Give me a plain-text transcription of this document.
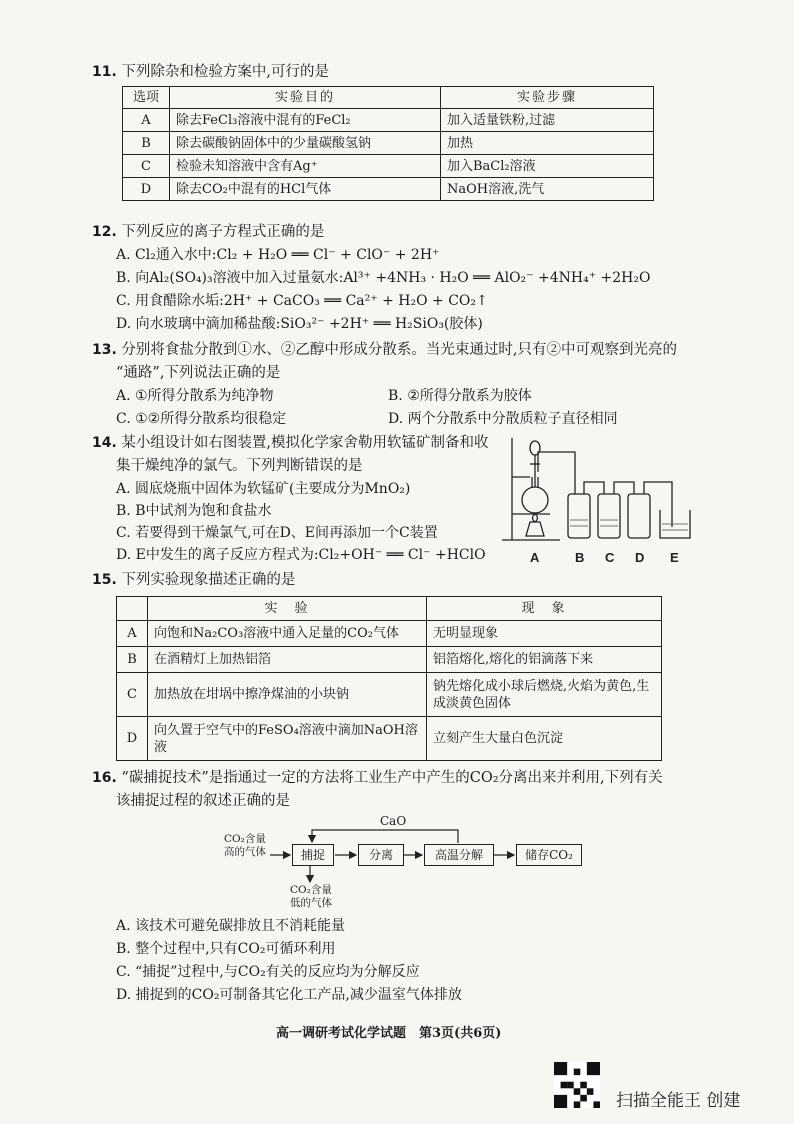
11. 下列除杂和检验方案中,可行的是
选项	实验目的	实验步骤
A	除去FeCl₃溶液中混有的FeCl₂	加入适量铁粉,过滤
B	除去碳酸钠固体中的少量碳酸氢钠	加热
C	检验未知溶液中含有Ag⁺	加入BaCl₂溶液
D	除去CO₂中混有的HCl气体	NaOH溶液,洗气
12. 下列反应的离子方程式正确的是
A. Cl₂通入水中:Cl₂ + H₂O ══ Cl⁻ + ClO⁻ + 2H⁺
B. 向Al₂(SO₄)₃溶液中加入过量氨水:Al³⁺ +4NH₃ · H₂O ══ AlO₂⁻ +4NH₄⁺ +2H₂O
C. 用食醋除水垢:2H⁺ + CaCO₃ ══ Ca²⁺ + H₂O + CO₂↑
D. 向水玻璃中滴加稀盐酸:SiO₃²⁻ +2H⁺ ══ H₂SiO₃(胶体)
13. 分别将食盐分散到①水、②乙醇中形成分散系。当光束通过时,只有②中可观察到光亮的
“通路”,下列说法正确的是
A. ①所得分散系为纯净物	B. ②所得分散系为胶体
C. ①②所得分散系均很稳定	D. 两个分散系中分散质粒子直径相同
14. 某小组设计如右图装置,模拟化学家舍勒用软锰矿制备和收
集干燥纯净的氯气。下列判断错误的是
A. 圆底烧瓶中固体为软锰矿(主要成分为MnO₂)
B. B中试剂为饱和食盐水
C. 若要得到干燥氯气,可在D、E间再添加一个C装置
D. E中发生的离子反应方程式为:Cl₂+OH⁻ ══ Cl⁻ +HClO	A	B C D E
15. 下列实验现象描述正确的是
	实　验	现　象
A	向饱和Na₂CO₃溶液中通入足量的CO₂气体	无明显现象
B	在酒精灯上加热铝箔	铝箔熔化,熔化的铝滴落下来
C	加热放在坩埚中擦净煤油的小块钠	钠先熔化成小球后燃烧,火焰为黄色,生成淡黄色固体
D	向久置于空气中的FeSO₄溶液中滴加NaOH溶液	立刻产生大量白色沉淀
16. “碳捕捉技术”是指通过一定的方法将工业生产中产生的CO₂分离出来并利用,下列有关
该捕捉过程的叙述正确的是
CO₂含量
高的气体
CaO
捕捉	分离	高温分解	储存CO₂
CO₂含量
低的气体
A. 该技术可避免碳排放且不消耗能量
B. 整个过程中,只有CO₂可循环利用
C. “捕捉”过程中,与CO₂有关的反应均为分解反应
D. 捕捉到的CO₂可制备其它化工产品,减少温室气体排放
高一调研考试化学试题　第3页(共6页)
扫描全能王 创建
